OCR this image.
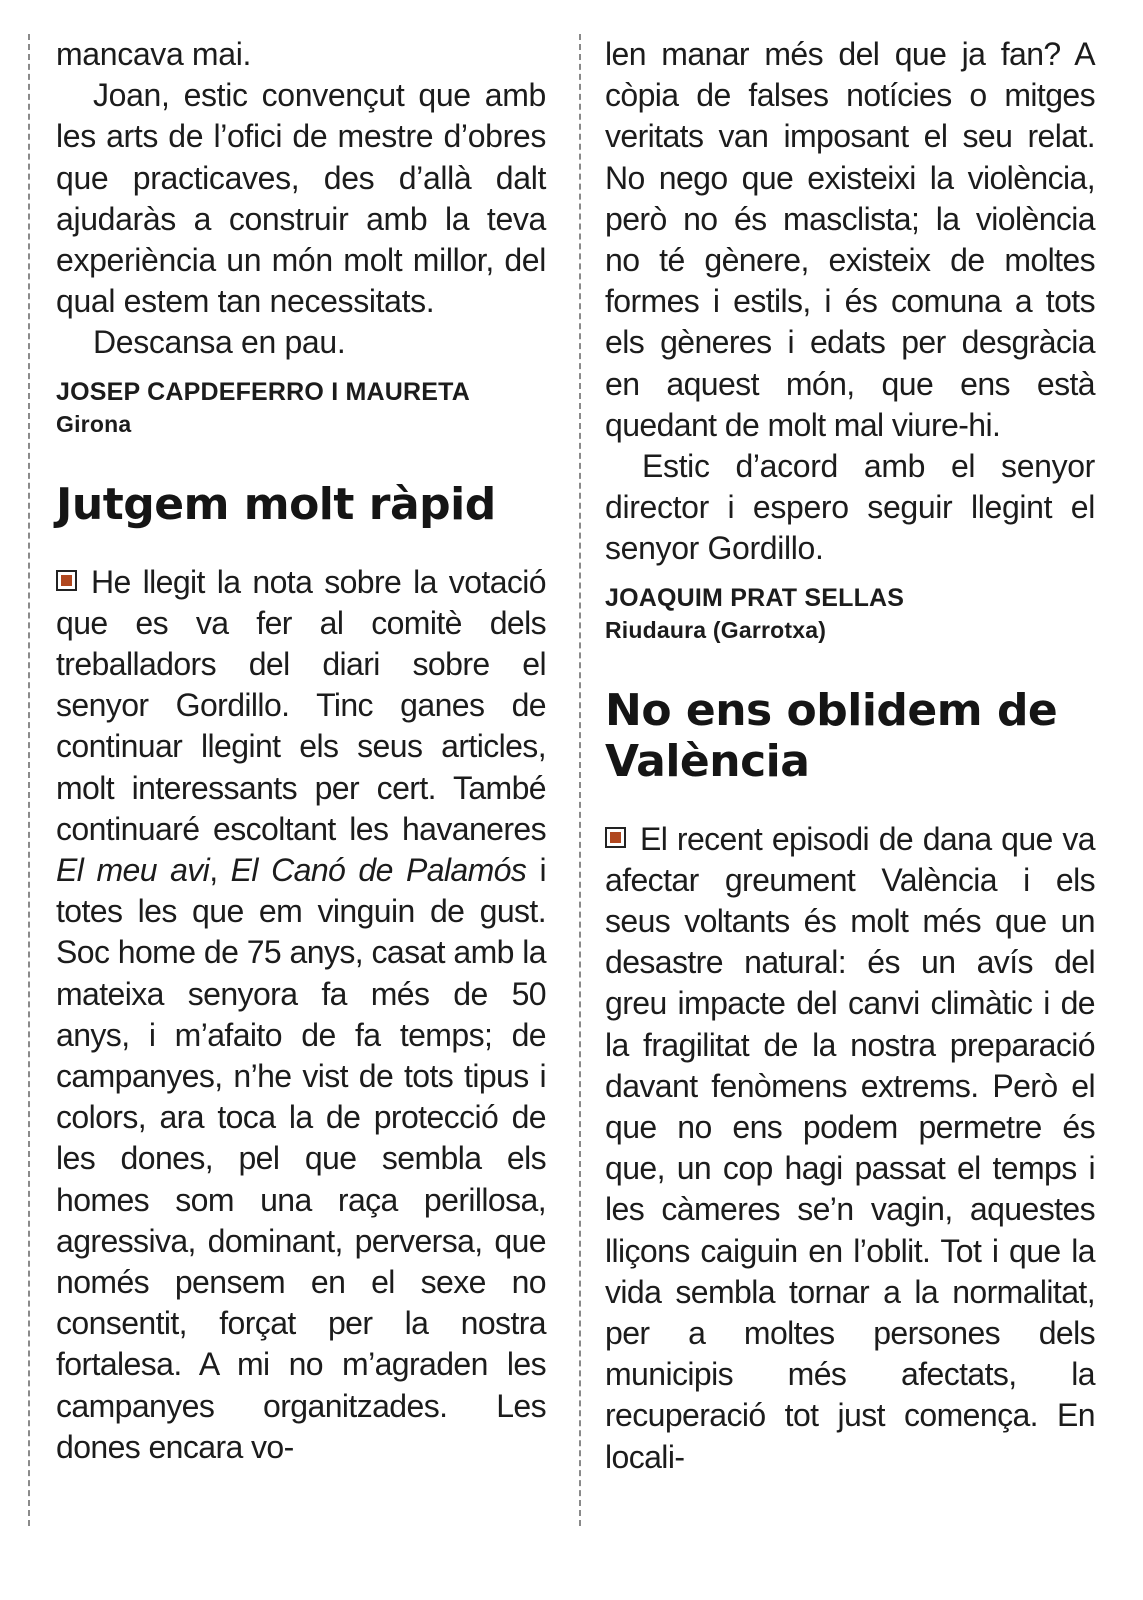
mancava mai.

Joan, estic convençut que amb les arts de l’ofici de mestre d’obres que practicaves, des d’allà dalt ajudaràs a construir amb la teva experiència un món molt millor, del qual estem tan necessitats.

Descansa en pau.

JOSEP CAPDEFERRO I MAURETA
Girona
Jutgem molt ràpid

He llegit la nota sobre la votació que es va fer al comitè dels treballadors del diari sobre el senyor Gordillo. Tinc ganes de continuar llegint els seus articles, molt interessants per cert. També continuaré escoltant les havaneres El meu avi, El Canó de Palamós i totes les que em vinguin de gust. Soc home de 75 anys, casat amb la mateixa senyora fa més de 50 anys, i m’afaito de fa temps; de campanyes, n’he vist de tots tipus i colors, ara toca la de protecció de les dones, pel que sembla els homes som una raça perillosa, agressiva, dominant, perversa, que només pensem en el sexe no consentit, forçat per la nostra fortalesa. A mi no m’agraden les campanyes organitzades. Les dones encara vo-

len manar més del que ja fan? A còpia de falses notícies o mitges veritats van imposant el seu relat. No nego que existeixi la violència, però no és masclista; la violència no té gènere, existeix de moltes formes i estils, i és comuna a tots els gèneres i edats per desgràcia en aquest món, que ens està quedant de molt mal viure-hi.

Estic d’acord amb el senyor director i espero seguir llegint el senyor Gordillo.

JOAQUIM PRAT SELLAS
Riudaura (Garrotxa)
No ens oblidem de
València

El recent episodi de dana que va afectar greument València i els seus voltants és molt més que un desastre natural: és un avís del greu impacte del canvi climàtic i de la fragilitat de la nostra preparació davant fenòmens extrems. Però el que no ens podem permetre és que, un cop hagi passat el temps i les càmeres se’n vagin, aquestes lliçons caiguin en l’oblit. Tot i que la vida sembla tornar a la normalitat, per a moltes persones dels municipis més afectats, la recuperació tot just comença. En locali-
